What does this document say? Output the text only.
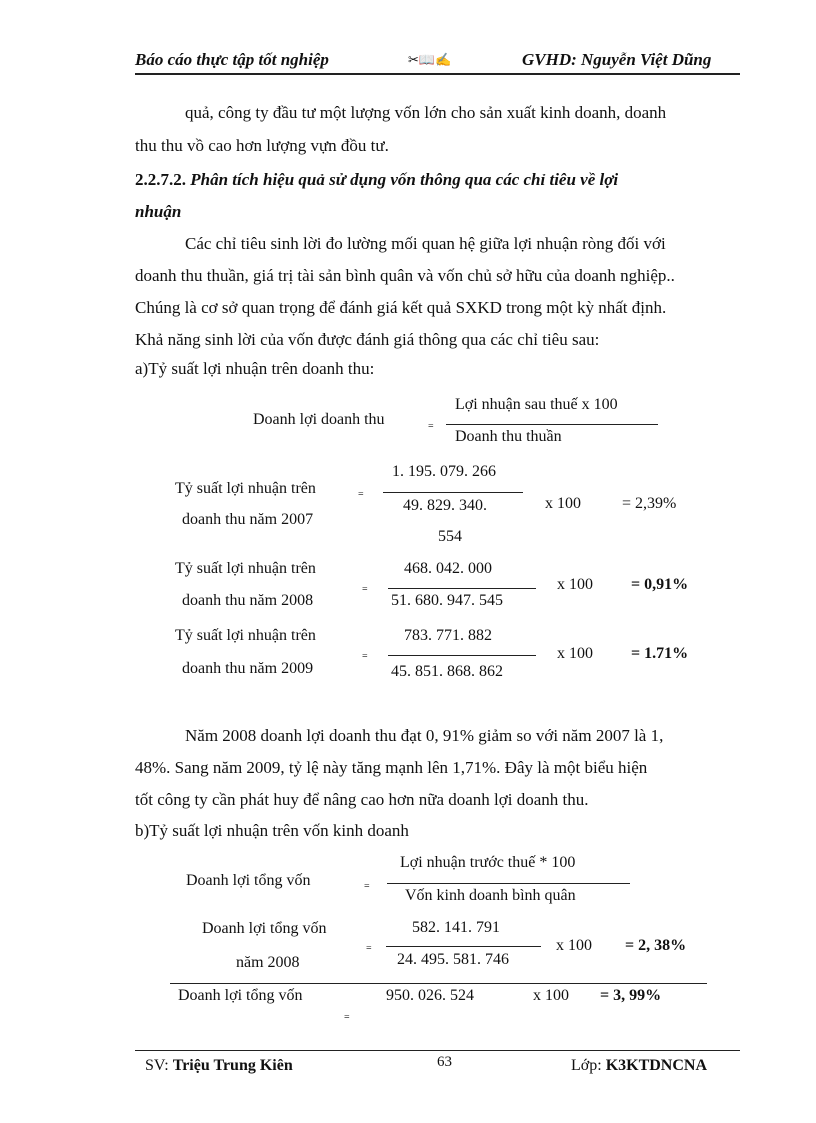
Báo cáo thực tập tốt nghiệp	✂📖✍	GVHD: Nguyễn Việt Dũng
quả, công ty đầu tư một lượng vốn lớn cho sản xuất kinh doanh, doanh
thu thu vồ cao hơn lượng vựn đồu tư.
2.2.7.2. Phân tích hiệu quả sử dụng vốn thông qua các chỉ tiêu về lợi
nhuận
Các chỉ tiêu sinh lời đo lường mối quan hệ giữa lợi nhuận ròng đối với
doanh thu thuần, giá trị tài sản bình quân và vốn chủ sở hữu của doanh nghiệp..
Chúng là cơ sở quan trọng để đánh giá kết quả SXKD trong một kỳ nhất định.
Khả năng sinh lời của vốn được đánh giá thông qua các chỉ tiêu sau:
a)Tỷ suất lợi nhuận trên doanh thu:
Doanh lợi doanh thu	=
Lợi nhuận sau thuế x 100
Doanh thu thuần
Tỷ suất lợi nhuận trên
doanh thu năm 2007
=
1. 195. 079. 266
49. 829. 340.
554
x 100	= 2,39%
Tỷ suất lợi nhuận trên
doanh thu năm 2008
=
468. 042. 000
51. 680. 947. 545
x 100 = 0,91%
Tỷ suất lợi nhuận trên
doanh thu năm 2009
=
783. 771. 882
45. 851. 868. 862
x 100 = 1.71%
Năm 2008 doanh lợi doanh thu đạt 0, 91% giảm so với năm 2007 là 1,
48%. Sang năm 2009, tỷ lệ này tăng mạnh lên 1,71%. Đây là một biểu hiện
tốt công ty cần phát huy để nâng cao hơn nữa doanh lợi doanh thu.
b)Tỷ suất lợi nhuận trên vốn kinh doanh
Doanh lợi tổng vốn	=
Lợi nhuận trước thuế * 100
Vốn kinh doanh bình quân
Doanh lợi tổng vốn
năm 2008
=
582. 141. 791
24. 495. 581. 746
x 100 = 2, 38%
Doanh lợi tổng vốn
=
950. 026. 524	x 100 = 3, 99%
SV: Triệu Trung Kiên	63	Lớp: K3KTDNCNA
